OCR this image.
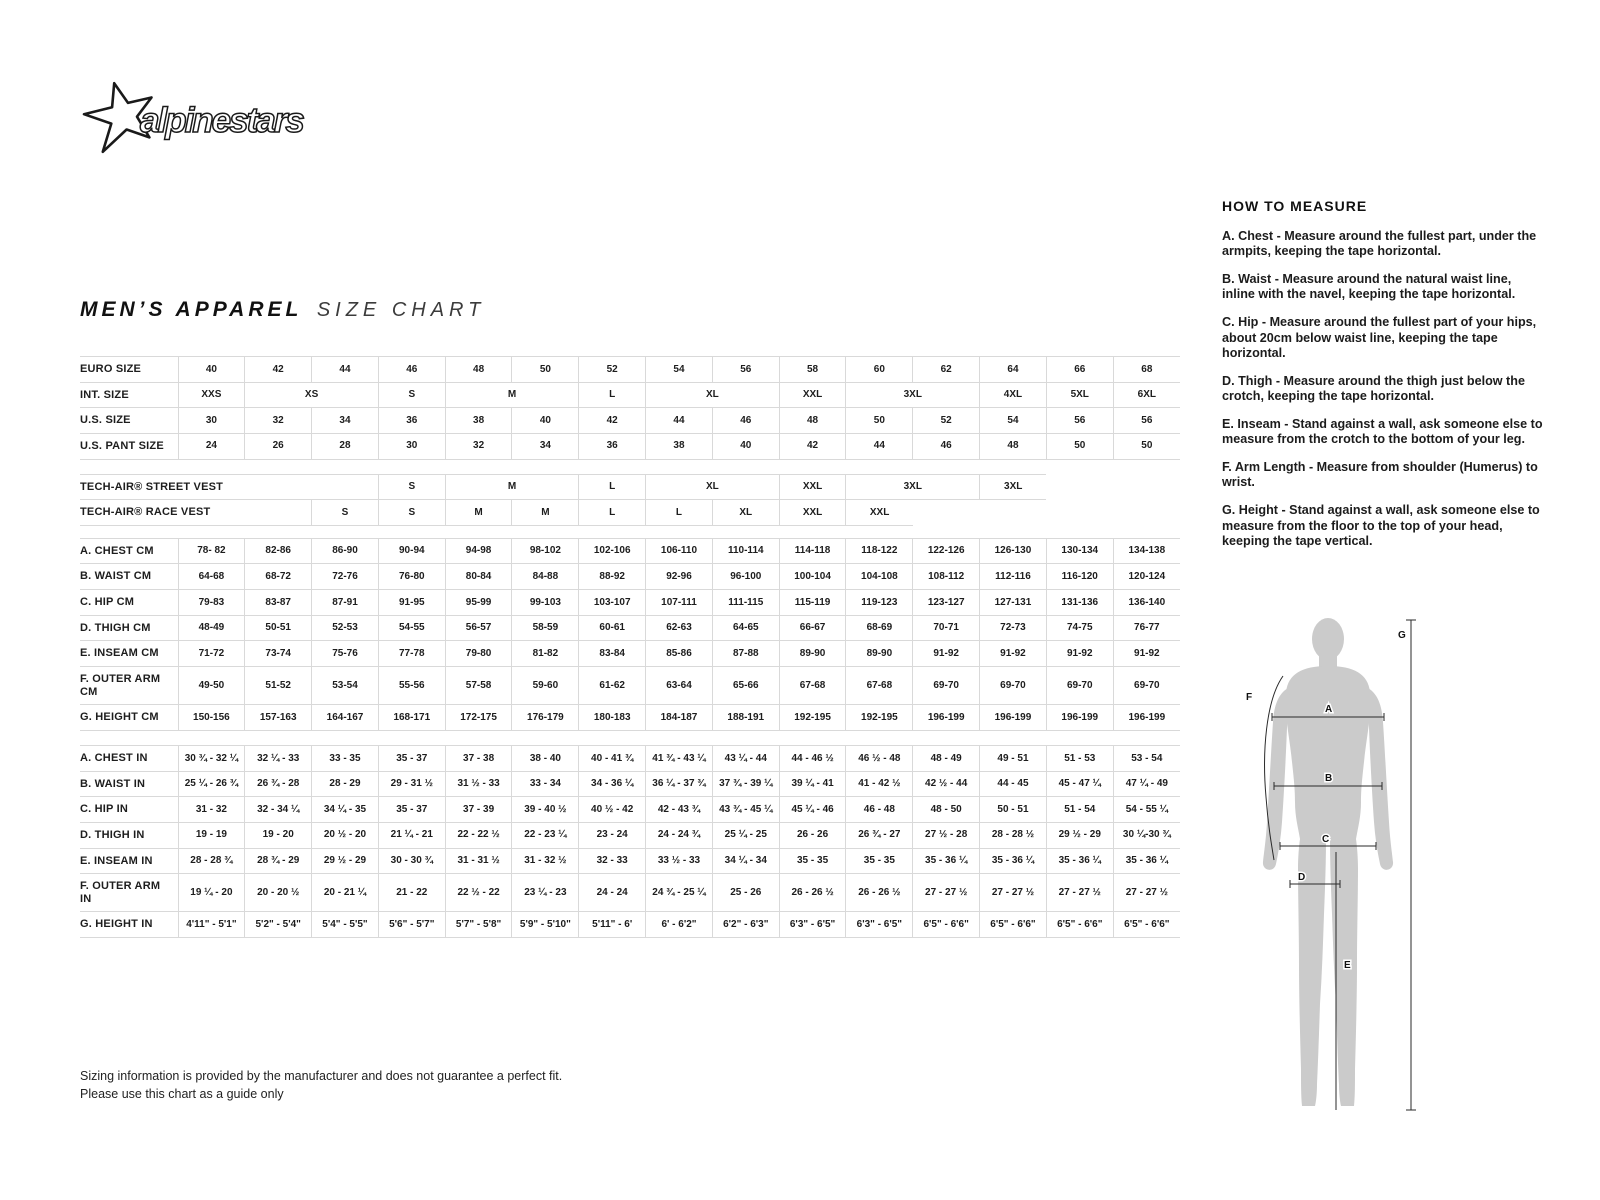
alpinestars
MEN’S APPAREL SIZE CHART
EURO SIZE	40	42	44	46	48	50	52	54	56	58	60	62	64	66	68
INT. SIZE	XXS	XS		S	M		L	XL		XXL	3XL		4XL	5XL	6XL
U.S. SIZE	30	32	34	36	38	40	42	44	46	48	50	52	54	56	56
U.S. PANT SIZE	24	26	28	30	32	34	36	38	40	42	44	46	48	50	50
TECH-AIR® STREET VEST			S	M		L	XL		XXL	3XL		3XL	
TECH-AIR® RACE VEST		S	S	M	M	L	L	XL	XXL	XXL			
A. CHEST CM	78- 82	82-86	86-90	90-94	94-98	98-102	102-106	106-110	110-114	114-118	118-122	122-126	126-130	130-134	134-138
B. WAIST CM	64-68	68-72	72-76	76-80	80-84	84-88	88-92	92-96	96-100	100-104	104-108	108-112	112-116	116-120	120-124
C. HIP CM	79-83	83-87	87-91	91-95	95-99	99-103	103-107	107-111	111-115	115-119	119-123	123-127	127-131	131-136	136-140
D. THIGH CM	48-49	50-51	52-53	54-55	56-57	58-59	60-61	62-63	64-65	66-67	68-69	70-71	72-73	74-75	76-77
E. INSEAM CM	71-72	73-74	75-76	77-78	79-80	81-82	83-84	85-86	87-88	89-90	89-90	91-92	91-92	91-92	91-92
F. OUTER ARM CM	49-50	51-52	53-54	55-56	57-58	59-60	61-62	63-64	65-66	67-68	67-68	69-70	69-70	69-70	69-70
G. HEIGHT CM	150-156	157-163	164-167	168-171	172-175	176-179	180-183	184-187	188-191	192-195	192-195	196-199	196-199	196-199	196-199
A. CHEST IN	30 ¾ - 32 ¼	32 ¼ - 33	33 - 35	35 - 37	37 - 38	38 - 40	40 - 41 ¾	41 ¾ - 43 ¼	43 ¼ - 44	44 - 46 ½	46 ½ - 48	48 - 49	49 - 51	51 - 53	53 - 54
B. WAIST IN	25 ¼ - 26 ¾	26 ¾ - 28	28 - 29	29 - 31 ½	31 ½ - 33	33 - 34	34 - 36 ¼	36 ¼ - 37 ¾	37 ¾ - 39 ¼	39 ¼ - 41	41 - 42 ½	42 ½ - 44	44 - 45	45 - 47 ¼	47 ¼ - 49
C. HIP IN	31 - 32	32 - 34 ¼	34 ¼ - 35	35 - 37	37 - 39	39 - 40 ½	40 ½ - 42	42 - 43 ¾	43 ¾ - 45 ¼	45 ¼ - 46	46 - 48	48 - 50	50 - 51	51 - 54	54 - 55 ¼
D. THIGH IN	19 - 19	19 - 20	20 ½ - 20	21 ¼ - 21	22 - 22 ½	22 - 23 ¼	23 - 24	24 - 24 ¾	25 ¼ - 25	26 - 26	26 ¾ - 27	27 ½ - 28	28 - 28 ½	29 ½ - 29	30 ¼-30 ¾
E. INSEAM IN	28 - 28 ¾	28 ¾ - 29	29 ½ - 29	30 - 30 ¾	31 - 31 ½	31 - 32 ½	32 - 33	33 ½ - 33	34 ¼ - 34	35 - 35	35 - 35	35 - 36 ¼	35 - 36 ¼	35 - 36 ¼	35 - 36 ¼
F. OUTER ARM IN	19 ¼ - 20	20 - 20 ½	20 - 21 ¼	21 - 22	22 ½ - 22	23 ¼ - 23	24 - 24	24 ¾ - 25 ¼	25 - 26	26 - 26 ½	26 - 26 ½	27 - 27 ½	27 - 27 ½	27 - 27 ½	27 - 27 ½
G. HEIGHT IN	4'11" - 5'1"	5'2" - 5'4"	5'4" - 5'5"	5'6" - 5'7"	5'7" - 5'8"	5'9" - 5'10"	5'11" - 6'	6' - 6'2"	6'2" - 6'3"	6'3" - 6'5"	6'3" - 6'5"	6'5" - 6'6"	6'5" - 6'6"	6'5" - 6'6"	6'5" - 6'6"
HOW TO MEASURE

A. Chest - Measure around the fullest part, under the armpits, keeping the tape horizontal.

B. Waist - Measure around the natural waist line, inline with the navel, keeping the tape horizontal.

C. Hip - Measure around the fullest part of your hips, about 20cm below waist line, keeping the tape horizontal.

D. Thigh - Measure around the thigh just below the crotch, keeping the tape horizontal.

E. Inseam - Stand against a wall, ask someone else to measure from the crotch to the bottom of your leg.

F. Arm Length - Measure from shoulder (Humerus) to wrist.

G. Height - Stand against a wall, ask someone else to measure from the floor to the top of your head, keeping the tape vertical.

A
B
C
D
E
F
G
Sizing information is provided by the manufacturer and does not guarantee a perfect fit.
Please use this chart as a guide only
